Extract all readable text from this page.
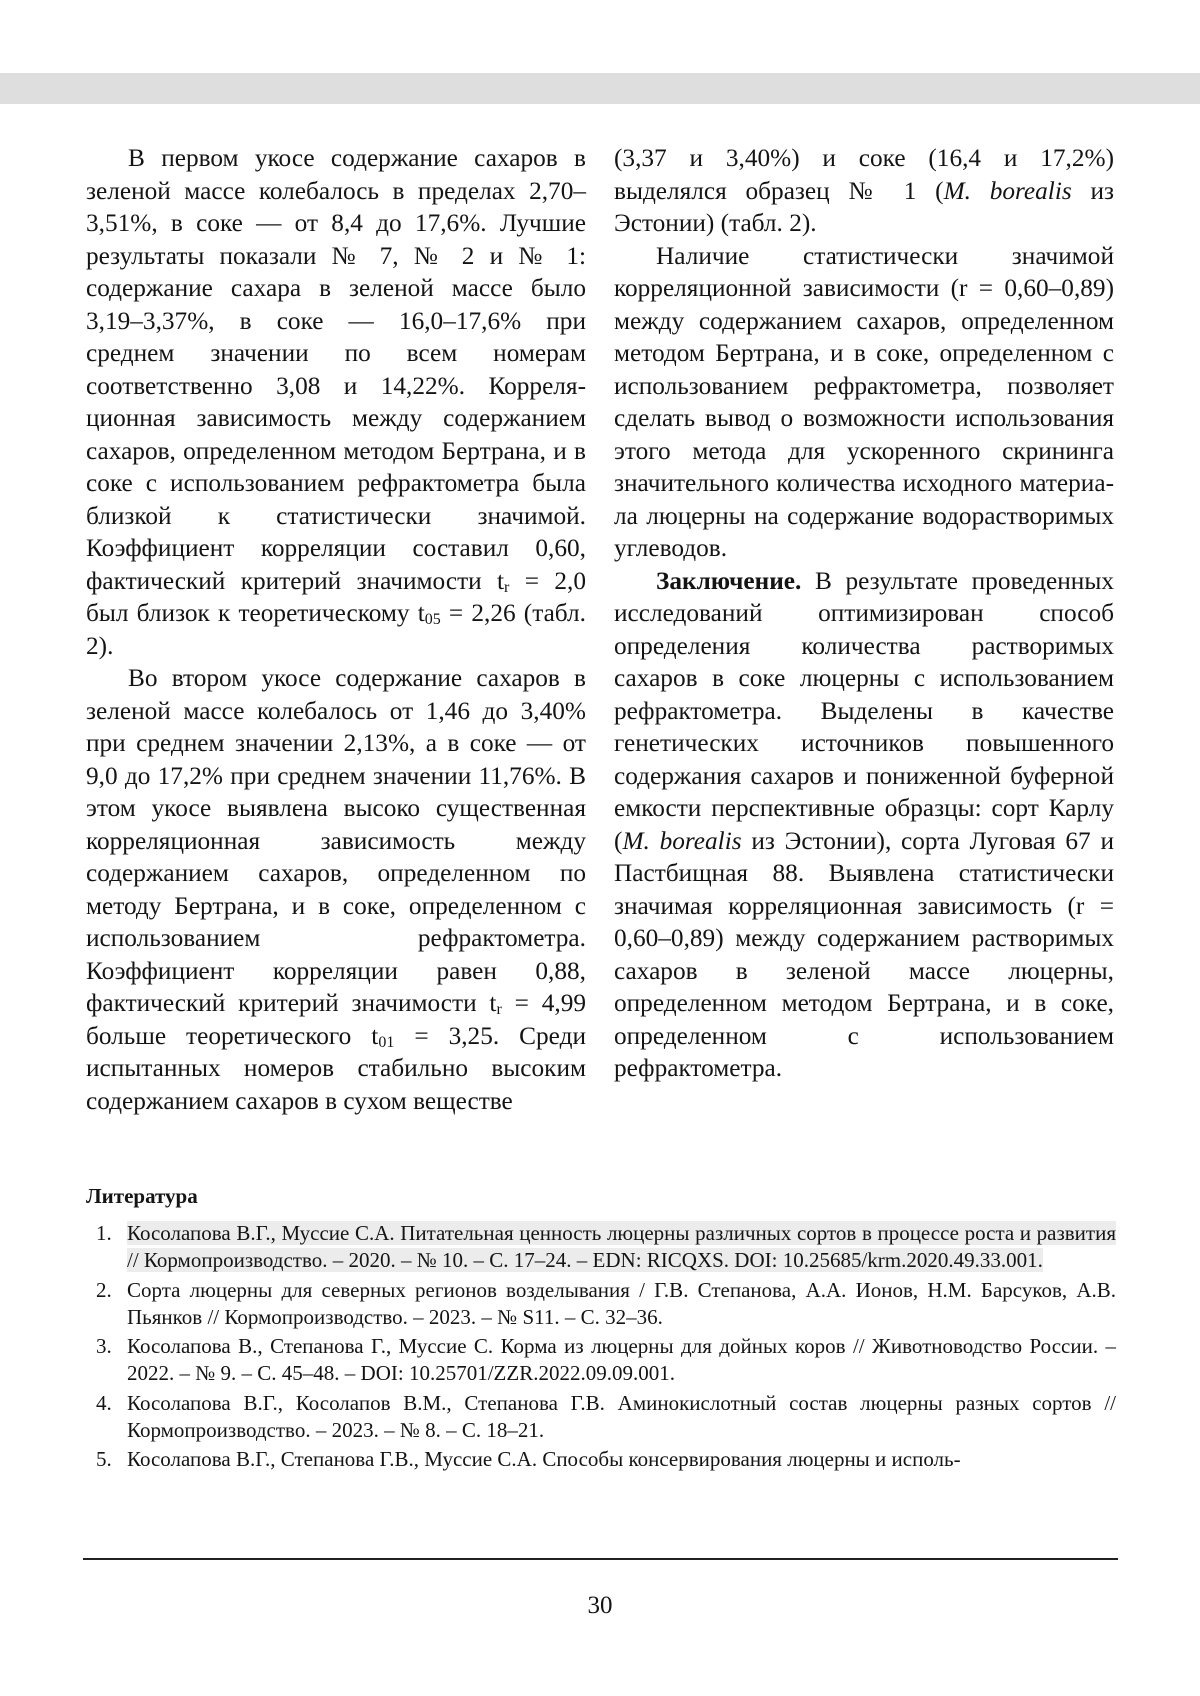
В первом укосе содержание сахаров в зеленой массе колебалось в пределах 2,70–3,51%, в соке — от 8,4 до 17,6%. Лучшие результаты показали № 7, № 2 и № 1: содержание сахара в зеленой массе было 3,19–3,37%, в соке — 16,0–17,6% при среднем значении по всем номерам соответственно 3,08 и 14,22%. Корреляционная зависимость между содержанием сахаров, определенном методом Бертрана, и в соке с использованием рефрактометра была близкой к статистически значимой. Коэффициент корреляции составил 0,60, фактический критерий значимости $t_r = 2,0$ был близок к теоретическому $t_{05} = 2,26$ (табл. 2).

Во втором укосе содержание сахаров в зеленой массе колебалось от 1,46 до 3,40% при среднем значении 2,13%, а в соке — от 9,0 до 17,2% при среднем значении 11,76%. В этом укосе выявлена высоко существенная корреляционная зависимость между содержанием сахаров, определенном по методу Бертрана, и в соке, определенном с использованием рефрактометра. Коэффициент корреляции равен 0,88, фактический критерий значимости $t_r = 4,99$ больше теоретического $t_{01} = 3,25$. Среди испытанных номеров стабильно высоким содержанием сахаров в сухом веществе

(3,37 и 3,40%) и соке (16,4 и 17,2%) выделялся образец № 1 (M. borealis из Эстонии) (табл. 2).

Наличие статистически значимой корреляционной зависимости (r = 0,60–0,89) между содержанием сахаров, определенном методом Бертрана, и в соке, определенном с использованием рефрактометра, позволяет сделать вывод о возможности использования этого метода для ускоренного скрининга значительного количества исходного материала люцерны на содержание водорастворимых углеводов.

Заключение. В результате проведенных исследований оптимизирован способ определения количества растворимых сахаров в соке люцерны с использованием рефрактометра. Выделены в качестве генетических источников повышенного содержания сахаров и пониженной буферной емкости перспективные образцы: сорт Карлу (M. borealis из Эстонии), сорта Луговая 67 и Пастбищная 88. Выявлена статистически значимая корреляционная зависимость (r = 0,60–0,89) между содержанием растворимых сахаров в зеленой массе люцерны, определенном методом Бертрана, и в соке, определенном с использованием рефрактометра.

Литература
1. Косолапова В.Г., Муссие С.А. Питательная ценность люцерны различных сортов в процессе роста и развития // Кормопроизводство. – 2020. – № 10. – С. 17–24. – EDN: RICQXS. DOI: 10.25685/krm.2020.49.33.001.
2. Сорта люцерны для северных регионов возделывания / Г.В. Степанова, А.А. Ионов, Н.М. Барсуков, А.В. Пьянков // Кормопроизводство. – 2023. – № S11. – С. 32–36.
3. Косолапова В., Степанова Г., Муссие С. Корма из люцерны для дойных коров // Животноводство России. – 2022. – № 9. – С. 45–48. – DOI: 10.25701/ZZR.2022.09.09.001.
4. Косолапова В.Г., Косолапов В.М., Степанова Г.В. Аминокислотный состав люцерны разных сортов // Кормопроизводство. – 2023. – № 8. – С. 18–21.
5. Косолапова В.Г., Степанова Г.В., Муссие С.А. Способы консервирования люцерны и исполь-
30
